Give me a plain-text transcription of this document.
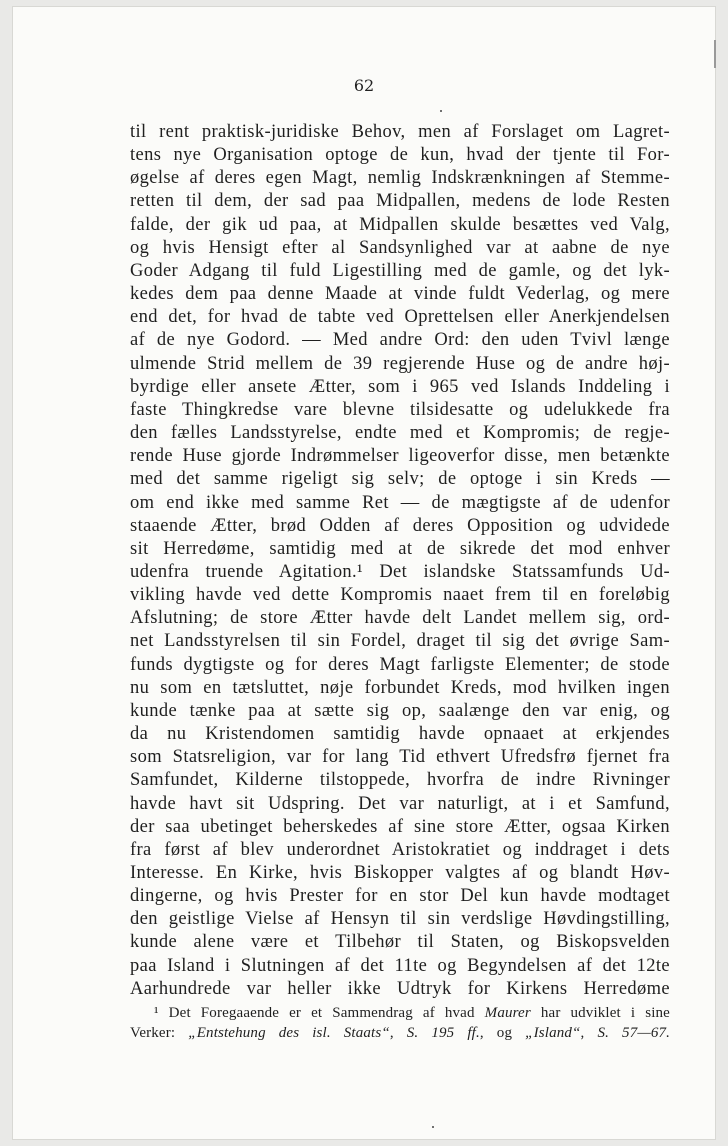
62
til rent praktisk-juridiske Behov, men af Forslaget om Lagret-
tens nye Organisation optoge de kun, hvad der tjente til For-
øgelse af deres egen Magt, nemlig Indskrænkningen af Stemme-
retten til dem, der sad paa Midpallen, medens de lode Resten
falde, der gik ud paa, at Midpallen skulde besættes ved Valg,
og hvis Hensigt efter al Sandsynlighed var at aabne de nye
Goder Adgang til fuld Ligestilling med de gamle, og det lyk-
kedes dem paa denne Maade at vinde fuldt Vederlag, og mere
end det, for hvad de tabte ved Oprettelsen eller Anerkjendelsen
af de nye Godord. — Med andre Ord: den uden Tvivl længe
ulmende Strid mellem de 39 regjerende Huse og de andre høj-
byrdige eller ansete Ætter, som i 965 ved Islands Inddeling i
faste Thingkredse vare blevne tilsidesatte og udelukkede fra
den fælles Landsstyrelse, endte med et Kompromis; de regje-
rende Huse gjorde Indrømmelser ligeoverfor disse, men betænkte
med det samme rigeligt sig selv; de optoge i sin Kreds —
om end ikke med samme Ret — de mægtigste af de udenfor
staaende Ætter, brød Odden af deres Opposition og udvidede
sit Herredøme, samtidig med at de sikrede det mod enhver
udenfra truende Agitation.¹ Det islandske Statssamfunds Ud-
vikling havde ved dette Kompromis naaet frem til en foreløbig
Afslutning; de store Ætter havde delt Landet mellem sig, ord-
net Landsstyrelsen til sin Fordel, draget til sig det øvrige Sam-
funds dygtigste og for deres Magt farligste Elementer; de stode
nu som en tætsluttet, nøje forbundet Kreds, mod hvilken ingen
kunde tænke paa at sætte sig op, saalænge den var enig, og
da nu Kristendomen samtidig havde opnaaet at erkjendes
som Statsreligion, var for lang Tid ethvert Ufredsfrø fjernet fra
Samfundet, Kilderne tilstoppede, hvorfra de indre Rivninger
havde havt sit Udspring. Det var naturligt, at i et Samfund,
der saa ubetinget beherskedes af sine store Ætter, ogsaa Kirken
fra først af blev underordnet Aristokratiet og inddraget i dets
Interesse. En Kirke, hvis Biskopper valgtes af og blandt Høv-
dingerne, og hvis Prester for en stor Del kun havde modtaget
den geistlige Vielse af Hensyn til sin verdslige Høvdingstilling,
kunde alene være et Tilbehør til Staten, og Biskopsvelden
paa Island i Slutningen af det 11te og Begyndelsen af det 12te
Aarhundrede var heller ikke Udtryk for Kirkens Herredøme
¹ Det Foregaaende er et Sammendrag af hvad Maurer har udviklet i sine
Verker: „Entstehung des isl. Staats“, S. 195 ff., og „Island“, S. 57—67.
